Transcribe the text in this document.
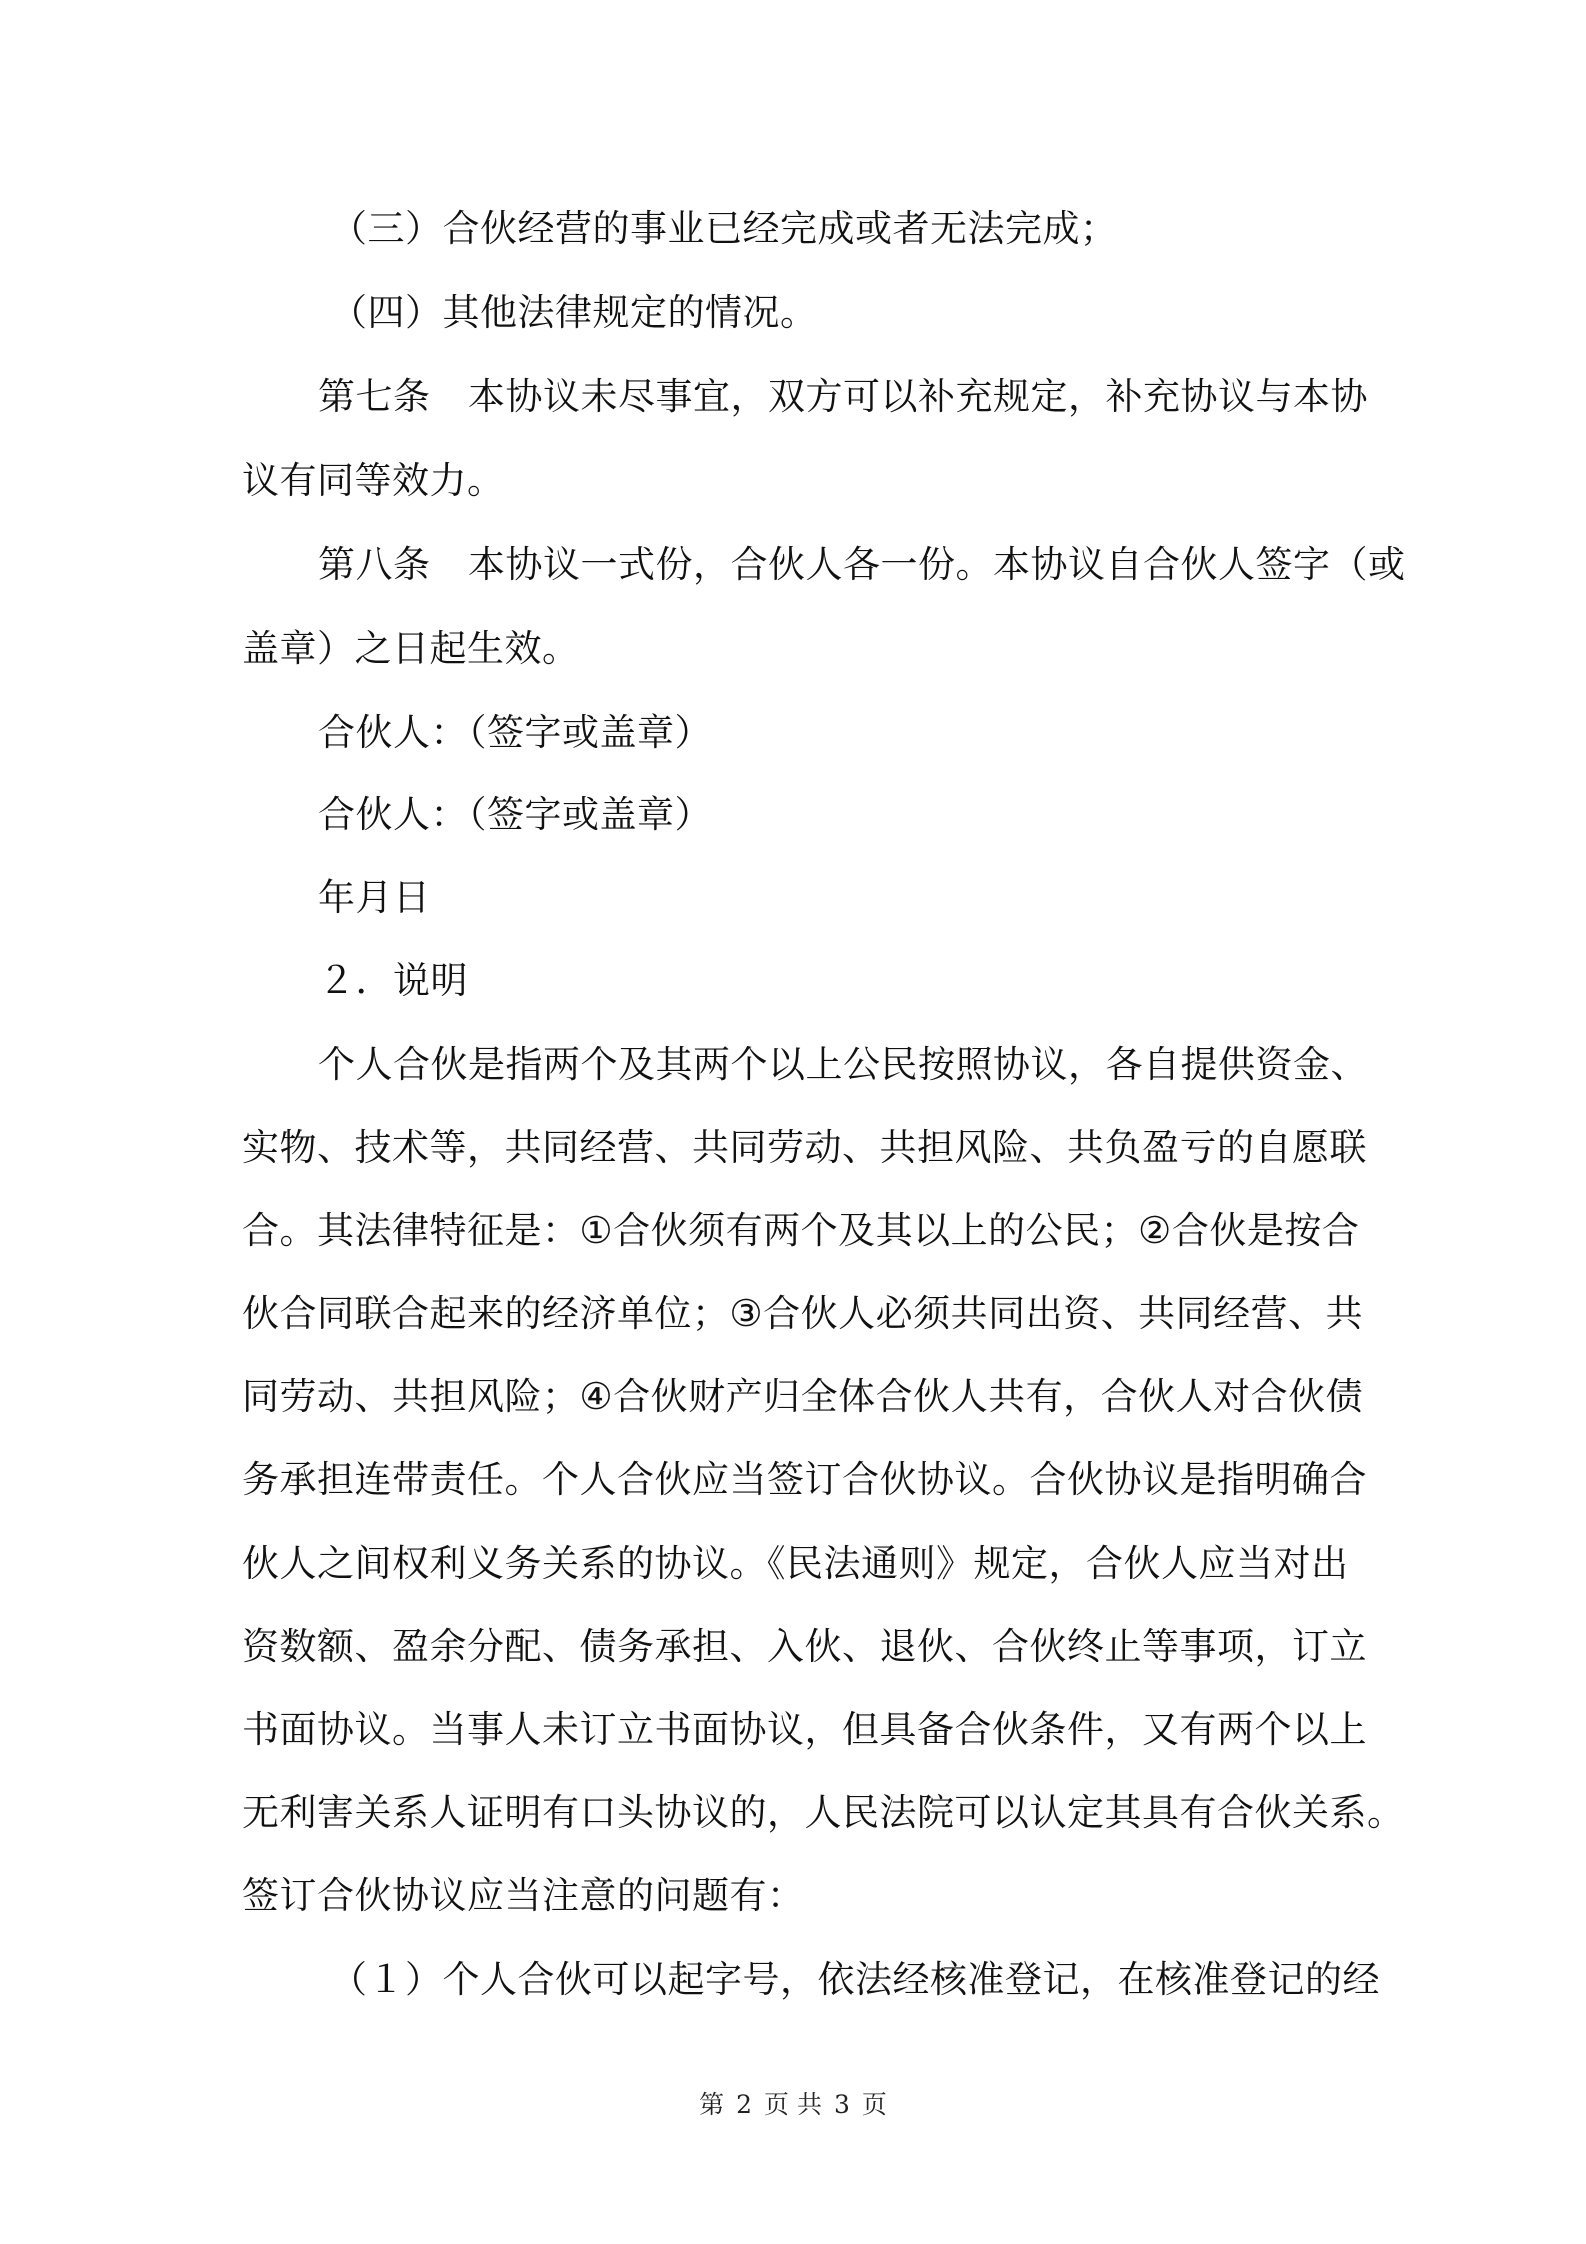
（三）合伙经营的事业已经完成或者无法完成；
（四）其他法律规定的情况。
第七条　本协议未尽事宜，双方可以补充规定，补充协议与本协
议有同等效力。
第八条　本协议一式份，合伙人各一份。本协议自合伙人签字（或
盖章）之日起生效。
合伙人：（签字或盖章）
合伙人：（签字或盖章）
年月日
２．说明
个人合伙是指两个及其两个以上公民按照协议，各自提供资金、
实物、技术等，共同经营、共同劳动、共担风险、共负盈亏的自愿联
合。其法律特征是：①合伙须有两个及其以上的公民；②合伙是按合
伙合同联合起来的经济单位；③合伙人必须共同出资、共同经营、共
同劳动、共担风险；④合伙财产归全体合伙人共有，合伙人对合伙债
务承担连带责任。个人合伙应当签订合伙协议。合伙协议是指明确合
伙人之间权利义务关系的协议。《民法通则》规定，合伙人应当对出
资数额、盈余分配、债务承担、入伙、退伙、合伙终止等事项，订立
书面协议。当事人未订立书面协议，但具备合伙条件，又有两个以上
无利害关系人证明有口头协议的，人民法院可以认定其具有合伙关系。
签订合伙协议应当注意的问题有：
（１）个人合伙可以起字号，依法经核准登记，在核准登记的经
第 2 页 共 3 页
